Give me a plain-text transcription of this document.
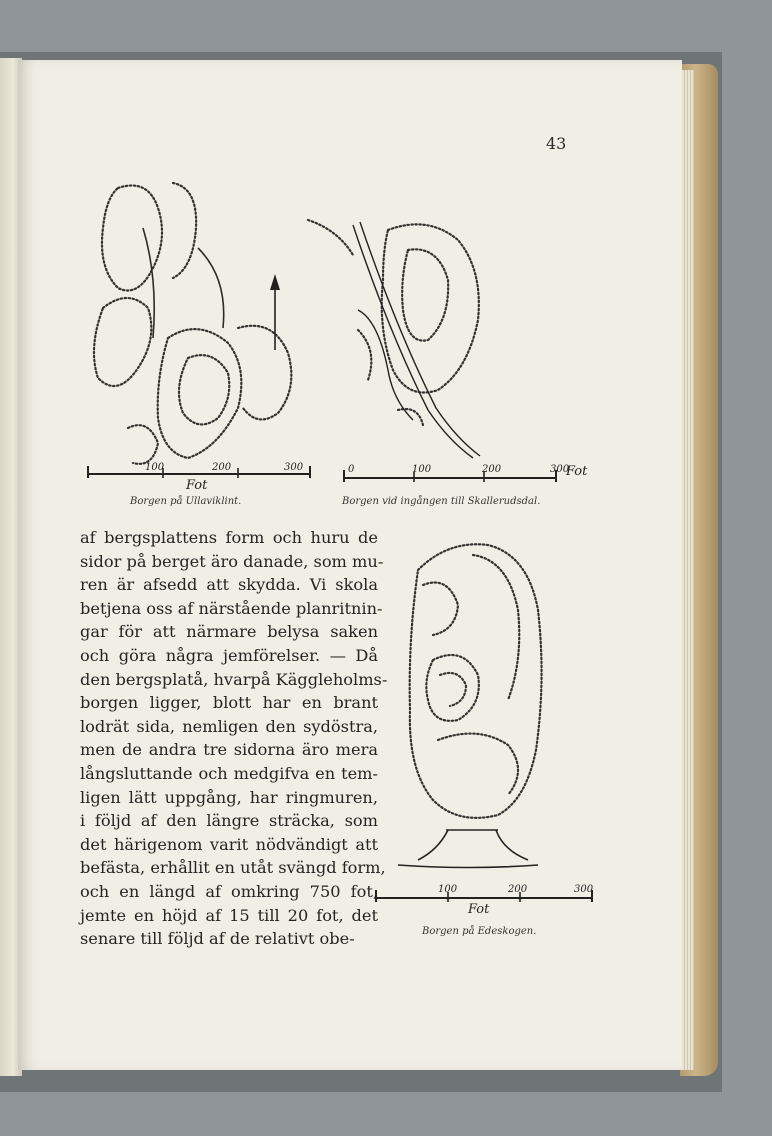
43
100	200	300
Fot
Borgen på Ullaviklint.
0	100	200	300
Fot
Borgen vid ingången till Skallerudsdal.
100	200	300
Fot
Borgen på Edeskogen.
af bergsplattens form och huru de
sidor på berget äro danade, som mu-
ren är afsedd att skydda. Vi skola
betjena oss af närstående planritnin-
gar för att närmare belysa saken
och göra några jemförelser. — Då
den bergsplatå, hvarpå Käggleholms-
borgen ligger, blott har en brant
lodrät sida, nemligen den sydöstra,
men de andra tre sidorna äro mera
långsluttande och medgifva en tem-
ligen lätt uppgång, har ringmuren,
i följd af den längre sträcka, som
det härigenom varit nödvändigt att
befästa, erhållit en utåt svängd form,
och en längd af omkring 750 fot,
jemte en höjd af 15 till 20 fot, det
senare till följd af de relativt obe-
